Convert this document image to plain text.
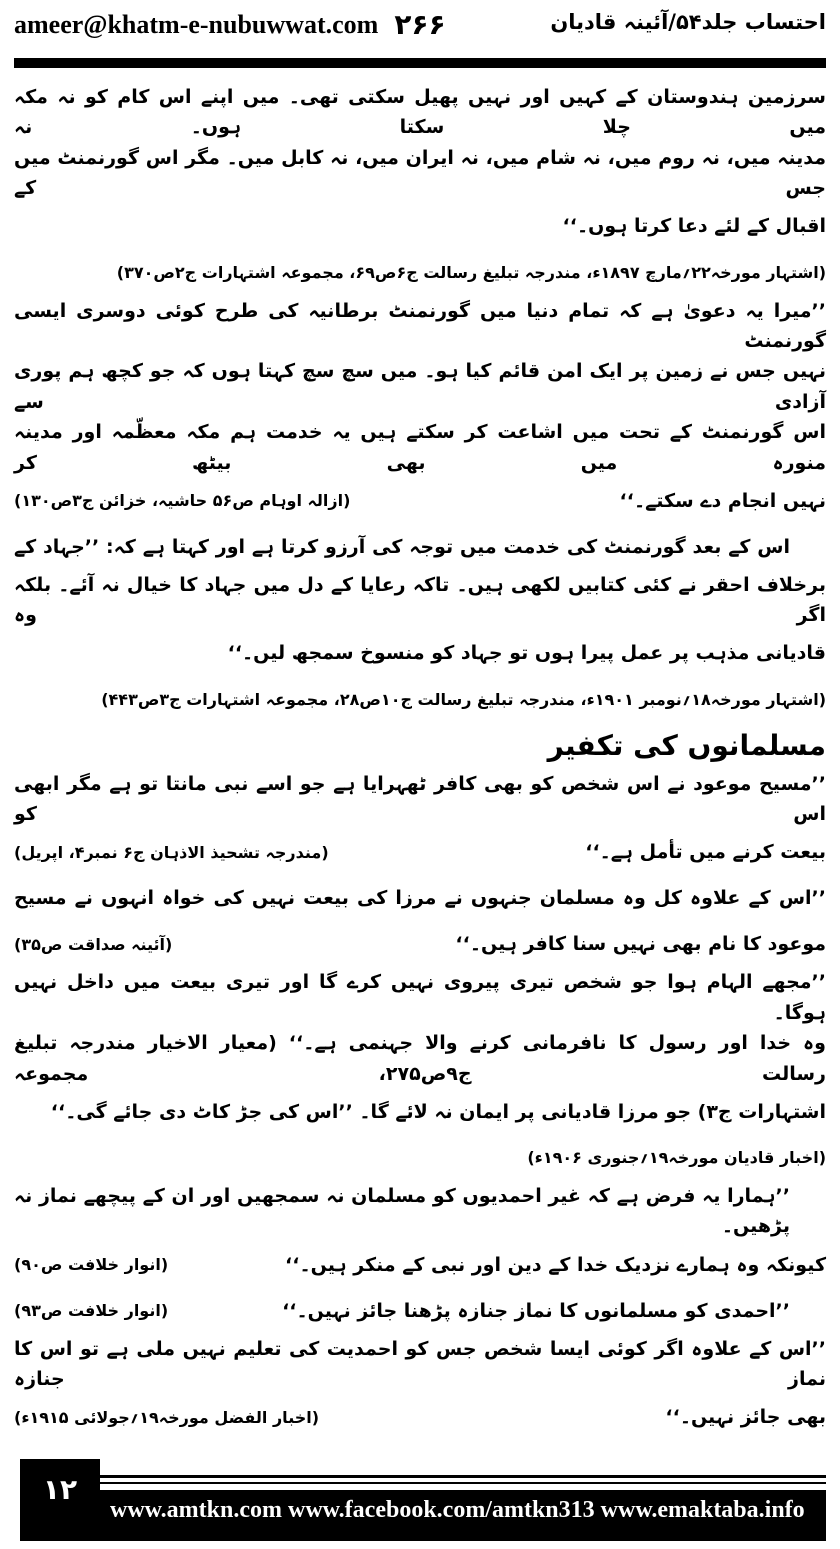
ameer@khatm-e-nubuwwat.com ۲۶۶	احتساب جلد۵۴/آئینہ قادیان
سرزمین ہندوستان کے کہیں اور نہیں پھیل سکتی تھی۔ میں اپنے اس کام کو نہ مکہ میں چلا سکتا ہوں۔ نہ
مدینہ میں، نہ روم میں، نہ شام میں، نہ ایران میں، نہ کابل میں۔ مگر اس گورنمنٹ میں جس کے
اقبال کے لئے دعا کرتا ہوں۔‘‘
(اشتہار مورخہ۲۲؍مارچ ۱۸۹۷ء، مندرجہ تبلیغ رسالت ج۶ص۶۹، مجموعہ اشتہارات ج۲ص۳۷۰)
’’میرا یہ دعویٰ ہے کہ تمام دنیا میں گورنمنٹ برطانیہ کی طرح کوئی دوسری ایسی گورنمنٹ
نہیں جس نے زمین پر ایک امن قائم کیا ہو۔ میں سچ سچ کہتا ہوں کہ جو کچھ ہم پوری آزادی سے
اس گورنمنٹ کے تحت میں اشاعت کر سکتے ہیں یہ خدمت ہم مکہ معظّمہ اور مدینہ منورہ میں بھی بیٹھ کر
نہیں انجام دے سکتے۔‘‘
(ازالہ اوہام ص۵۶ حاشیہ، خزائن ج۳ص۱۳۰)
اس کے بعد گورنمنٹ کی خدمت میں توجہ کی آرزو کرتا ہے اور کہتا ہے کہ: ’’جہاد کے
برخلاف احقر نے کئی کتابیں لکھی ہیں۔ تاکہ رعایا کے دل میں جہاد کا خیال نہ آئے۔ بلکہ اگر وہ
قادیانی مذہب پر عمل پیرا ہوں تو جہاد کو منسوخ سمجھ لیں۔‘‘
(اشتہار مورخہ۱۸؍نومبر ۱۹۰۱ء، مندرجہ تبلیغ رسالت ج۱۰ص۲۸، مجموعہ اشتہارات ج۳ص۴۴۳)
مسلمانوں کی تکفیر
’’مسیح موعود نے اس شخص کو بھی کافر ٹھہرایا ہے جو اسے نبی مانتا تو ہے مگر ابھی اس کو
بیعت کرنے میں تأمل ہے۔‘‘
(مندرجہ تشحیذ الاذہان ج۶ نمبر۴، اپریل)
’’اس کے علاوہ کل وہ مسلمان جنہوں نے مرزا کی بیعت نہیں کی خواہ انہوں نے مسیح
موعود کا نام بھی نہیں سنا کافر ہیں۔‘‘
(آئینہ صداقت ص۳۵)
’’مجھے الہام ہوا جو شخص تیری پیروی نہیں کرے گا اور تیری بیعت میں داخل نہیں ہوگا۔
وہ خدا اور رسول کا نافرمانی کرنے والا جہنمی ہے۔‘‘ (معیار الاخیار مندرجہ تبلیغ رسالت ج۹ص۲۷۵، مجموعہ
اشتہارات ج۳) جو مرزا قادیانی پر ایمان نہ لائے گا۔ ’’اس کی جڑ کاٹ دی جائے گی۔‘‘
(اخبار قادیان مورخہ۱۹؍جنوری ۱۹۰۶ء)
’’ہمارا یہ فرض ہے کہ غیر احمدیوں کو مسلمان نہ سمجھیں اور ان کے پیچھے نماز نہ پڑھیں۔
کیونکہ وہ ہمارے نزدیک خدا کے دین اور نبی کے منکر ہیں۔‘‘
(انوار خلافت ص۹۰)
’’احمدی کو مسلمانوں کا نماز جنازہ پڑھنا جائز نہیں۔‘‘
(انوار خلافت ص۹۳)
’’اس کے علاوہ اگر کوئی ایسا شخص جس کو احمدیت کی تعلیم نہیں ملی ہے تو اس کا نماز جنازہ
بھی جائز نہیں۔‘‘
(اخبار الفضل مورخہ۱۹؍جولائی ۱۹۱۵ء)
۱۲
www.amtkn.com www.facebook.com/amtkn313 www.emaktaba.info
